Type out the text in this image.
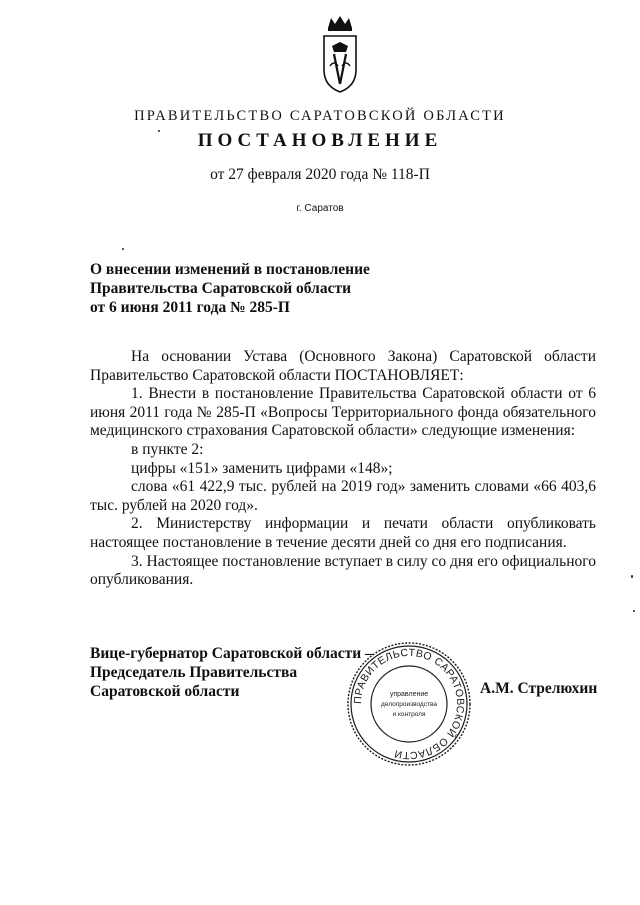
ПРАВИТЕЛЬСТВО САРАТОВСКОЙ ОБЛАСТИ
ПОСТАНОВЛЕНИЕ
от 27 февраля 2020 года № 118-П
г. Саратов
О внесении изменений в постановление
Правительства Саратовской области
от 6 июня 2011 года № 285-П
На основании Устава (Основного Закона) Саратовской области Правительство Саратовской области ПОСТАНОВЛЯЕТ:
1. Внести в постановление Правительства Саратовской области от 6 июня 2011 года № 285-П «Вопросы Территориального фонда обязательного медицинского страхования Саратовской области» следующие изменения:
в пункте 2:
цифры «151» заменить цифрами «148»;
слова «61 422,9 тыс. рублей на 2019 год» заменить словами «66 403,6 тыс. рублей на 2020 год».
2. Министерству информации и печати области опубликовать настоящее постановление в течение десяти дней со дня его подписания.
3. Настоящее постановление вступает в силу со дня его официального опубликования.
Вице-губернатор Саратовской области –
Председатель Правительства
Саратовской области	ПРАВИТЕЛЬСТВО САРАТОВСКОЙ ОБЛАСТИ
управление
делопроизводства
и контроля
А.М. Стрелюхин
